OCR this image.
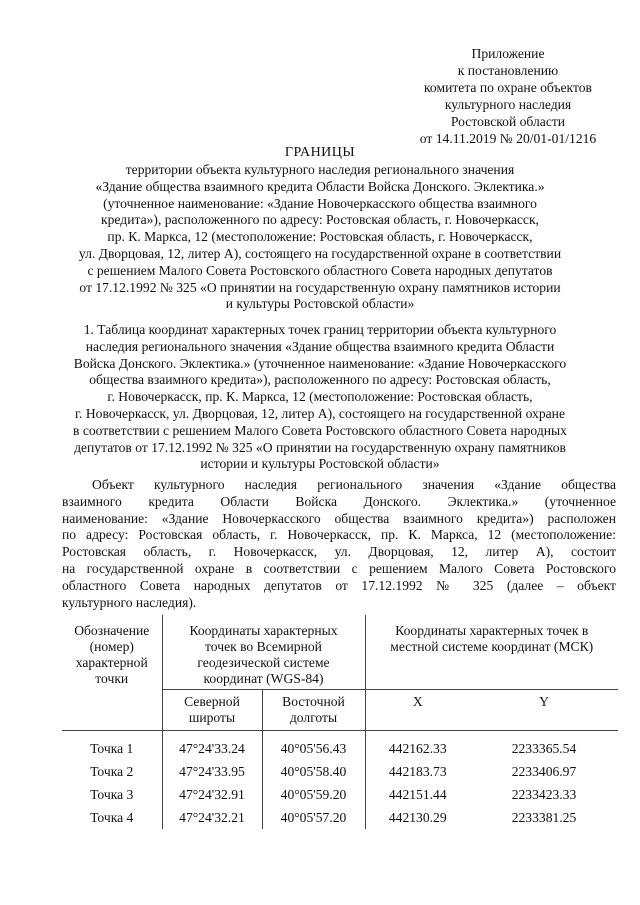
Приложение
к постановлению
комитета по охране объектов
культурного наследия
Ростовской области
от 14.11.2019 № 20/01-01/1216
ГРАНИЦЫ
территории объекта культурного наследия регионального значения
«Здание общества взаимного кредита Области Войска Донского. Эклектика.»
(уточненное наименование: «Здание Новочеркасского общества взаимного
кредита»), расположенного по адресу: Ростовская область, г. Новочеркасск,
пр. К. Маркса, 12 (местоположение: Ростовская область, г. Новочеркасск,
ул. Дворцовая, 12, литер А), состоящего на государственной охране в соответствии
с решением Малого Совета Ростовского областного Совета народных депутатов
от 17.12.1992 № 325 «О принятии на государственную охрану памятников истории
и культуры Ростовской области»
1. Таблица координат характерных точек границ территории объекта культурного
наследия регионального значения «Здание общества взаимного кредита Области
Войска Донского. Эклектика.» (уточненное наименование: «Здание Новочеркасского
общества взаимного кредита»), расположенного по адресу: Ростовская область,
г. Новочеркасск, пр. К. Маркса, 12 (местоположение: Ростовская область,
г. Новочеркасск, ул. Дворцовая, 12, литер А), состоящего на государственной охране
в соответствии с решением Малого Совета Ростовского областного Совета народных
депутатов от 17.12.1992 № 325 «О принятии на государственную охрану памятников
истории и культуры Ростовской области»
Объект культурного наследия регионального значения «Здание общества
взаимного кредита Области Войска Донского. Эклектика.» (уточненное
наименование: «Здание Новочеркасского общества взаимного кредита») расположен
по адресу: Ростовская область, г. Новочеркасск, пр. К. Маркса, 12 (местоположение:
Ростовская область, г. Новочеркасск, ул. Дворцовая, 12, литер А), состоит
на государственной охране в соответствии с решением Малого Совета Ростовского
областного Совета народных депутатов от 17.12.1992 № 325 (далее – объект
культурного наследия).
Обозначение (номер) характерной точки	Координаты характерных точек во Всемирной геодезической системе координат (WGS-84)		Координаты характерных точек в местной системе координат (МСК)	
	Северной широты	Восточной долготы	X	Y
Точка 1	47°24'33.24	40°05'56.43	442162.33	2233365.54
Точка 2	47°24'33.95	40°05'58.40	442183.73	2233406.97
Точка 3	47°24'32.91	40°05'59.20	442151.44	2233423.33
Точка 4	47°24'32.21	40°05'57.20	442130.29	2233381.25
